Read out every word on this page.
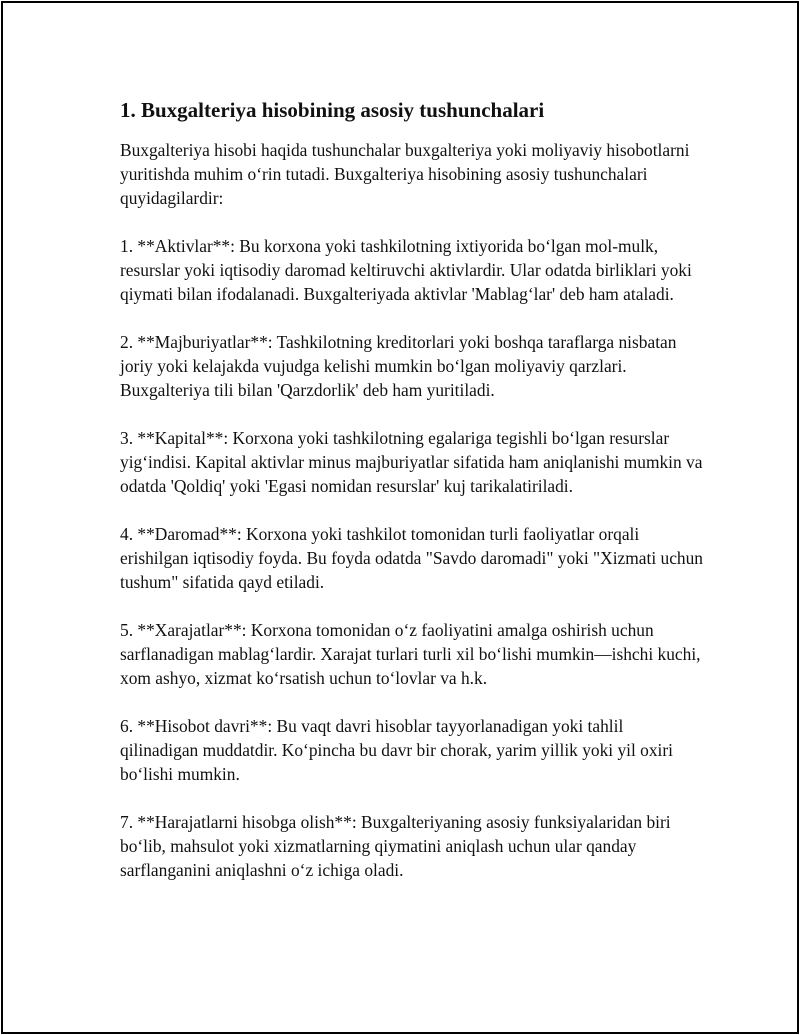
1. Buxgalteriya hisobining asosiy tushunchalari

Buxgalteriya hisobi haqida tushunchalar buxgalteriya yoki moliyaviy hisobotlarni yuritishda muhim o‘rin tutadi. Buxgalteriya hisobining asosiy tushunchalari quyidagilardir:

1. **Aktivlar**: Bu korxona yoki tashkilotning ixtiyorida bo‘lgan mol-mulk, resurslar yoki iqtisodiy daromad keltiruvchi aktivlardir. Ular odatda birliklari yoki qiymati bilan ifodalanadi. Buxgalteriyada aktivlar 'Mablag‘lar' deb ham ataladi.

2. **Majburiyatlar**: Tashkilotning kreditorlari yoki boshqa taraflarga nisbatan joriy yoki kelajakda vujudga kelishi mumkin bo‘lgan moliyaviy qarzlari. Buxgalteriya tili bilan 'Qarzdorlik' deb ham yuritiladi.

3. **Kapital**: Korxona yoki tashkilotning egalariga tegishli bo‘lgan resurslar yig‘indisi. Kapital aktivlar minus majburiyatlar sifatida ham aniqlanishi mumkin va odatda 'Qoldiq' yoki 'Egasi nomidan resurslar' kuj tarikalatiriladi.

4. **Daromad**: Korxona yoki tashkilot tomonidan turli faoliyatlar orqali erishilgan iqtisodiy foyda. Bu foyda odatda "Savdo daromadi" yoki "Xizmati uchun tushum" sifatida qayd etiladi.

5. **Xarajatlar**: Korxona tomonidan o‘z faoliyatini amalga oshirish uchun sarflanadigan mablag‘lardir. Xarajat turlari turli xil bo‘lishi mumkin—ishchi kuchi, xom ashyo, xizmat ko‘rsatish uchun to‘lovlar va h.k.

6. **Hisobot davri**: Bu vaqt davri hisoblar tayyorlanadigan yoki tahlil qilinadigan muddatdir. Ko‘pincha bu davr bir chorak, yarim yillik yoki yil oxiri bo‘lishi mumkin.

7. **Harajatlarni hisobga olish**: Buxgalteriyaning asosiy funksiyalaridan biri bo‘lib, mahsulot yoki xizmatlarning qiymatini aniqlash uchun ular qanday sarflanganini aniqlashni o‘z ichiga oladi.
